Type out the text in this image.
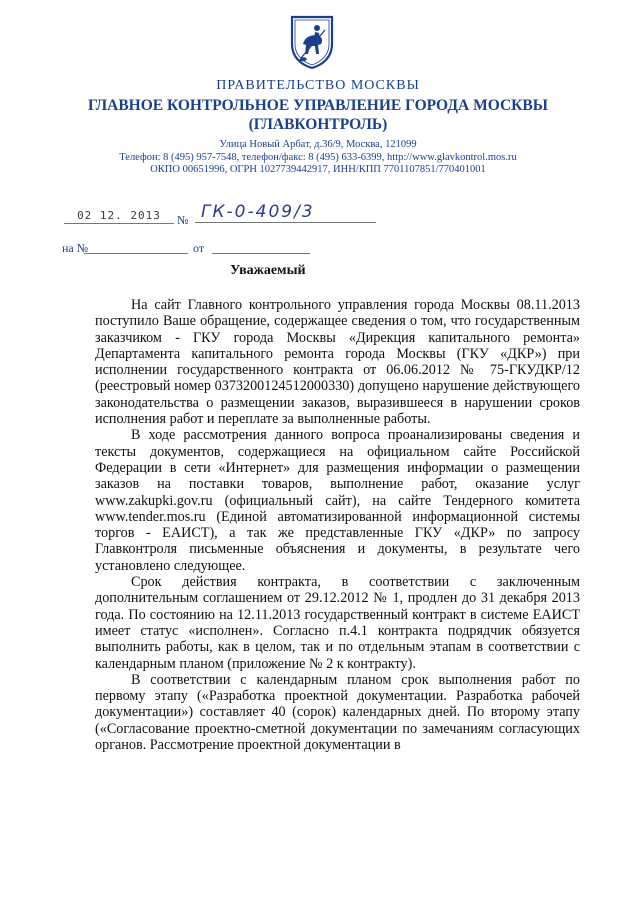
ПРАВИТЕЛЬСТВО МОСКВЫ
ГЛАВНОЕ КОНТРОЛЬНОЕ УПРАВЛЕНИЕ ГОРОДА МОСКВЫ
(ГЛАВКОНТРОЛЬ)
Улица Новый Арбат, д.36/9, Москва, 121099
Телефон: 8 (495) 957-7548, телефон/факс: 8 (495) 633-6399, http://www.glavkontrol.mos.ru
ОКПО 00651996, ОГРН 1027739442917, ИНН/КПП 7701107851/770401001
02 12. 2013	№ ГК-0-409/3
на №	от
Уважаемый

На сайт Главного контрольного управления города Москвы 08.11.2013 поступило Ваше обращение, содержащее сведения о том, что государственным заказчиком - ГКУ города Москвы «Дирекция капитального ремонта» Департамента капитального ремонта города Москвы (ГКУ «ДКР») при исполнении государственного контракта от 06.06.2012 № 75-ГКУДКР/12 (реестровый номер 0373200124512000330) допущено нарушение действующего законодательства о размещении заказов, выразившееся в нарушении сроков исполнения работ и переплате за выполненные работы.

В ходе рассмотрения данного вопроса проанализированы сведения и тексты документов, содержащиеся на официальном сайте Российской Федерации в сети «Интернет» для размещения информации о размещении заказов на поставки товаров, выполнение работ, оказание услуг www.zakupki.gov.ru (официальный сайт), на сайте Тендерного комитета www.tender.mos.ru (Единой автоматизированной информационной системы торгов - ЕАИСТ), а так же представленные ГКУ «ДКР» по запросу Главконтроля письменные объяснения и документы, в результате чего установлено следующее.

Срок действия контракта, в соответствии с заключенным дополнительным соглашением от 29.12.2012 № 1, продлен до 31 декабря 2013 года. По состоянию на 12.11.2013 государственный контракт в системе ЕАИСТ имеет статус «исполнен». Согласно п.4.1 контракта подрядчик обязуется выполнить работы, как в целом, так и по отдельным этапам в соответствии с календарным планом (приложение № 2 к контракту).

В соответствии с календарным планом срок выполнения работ по первому этапу («Разработка проектной документации. Разработка рабочей документации») составляет 40 (сорок) календарных дней. По второму этапу («Согласование проектно-сметной документации по замечаниям согласующих органов. Рассмотрение проектной документации в
